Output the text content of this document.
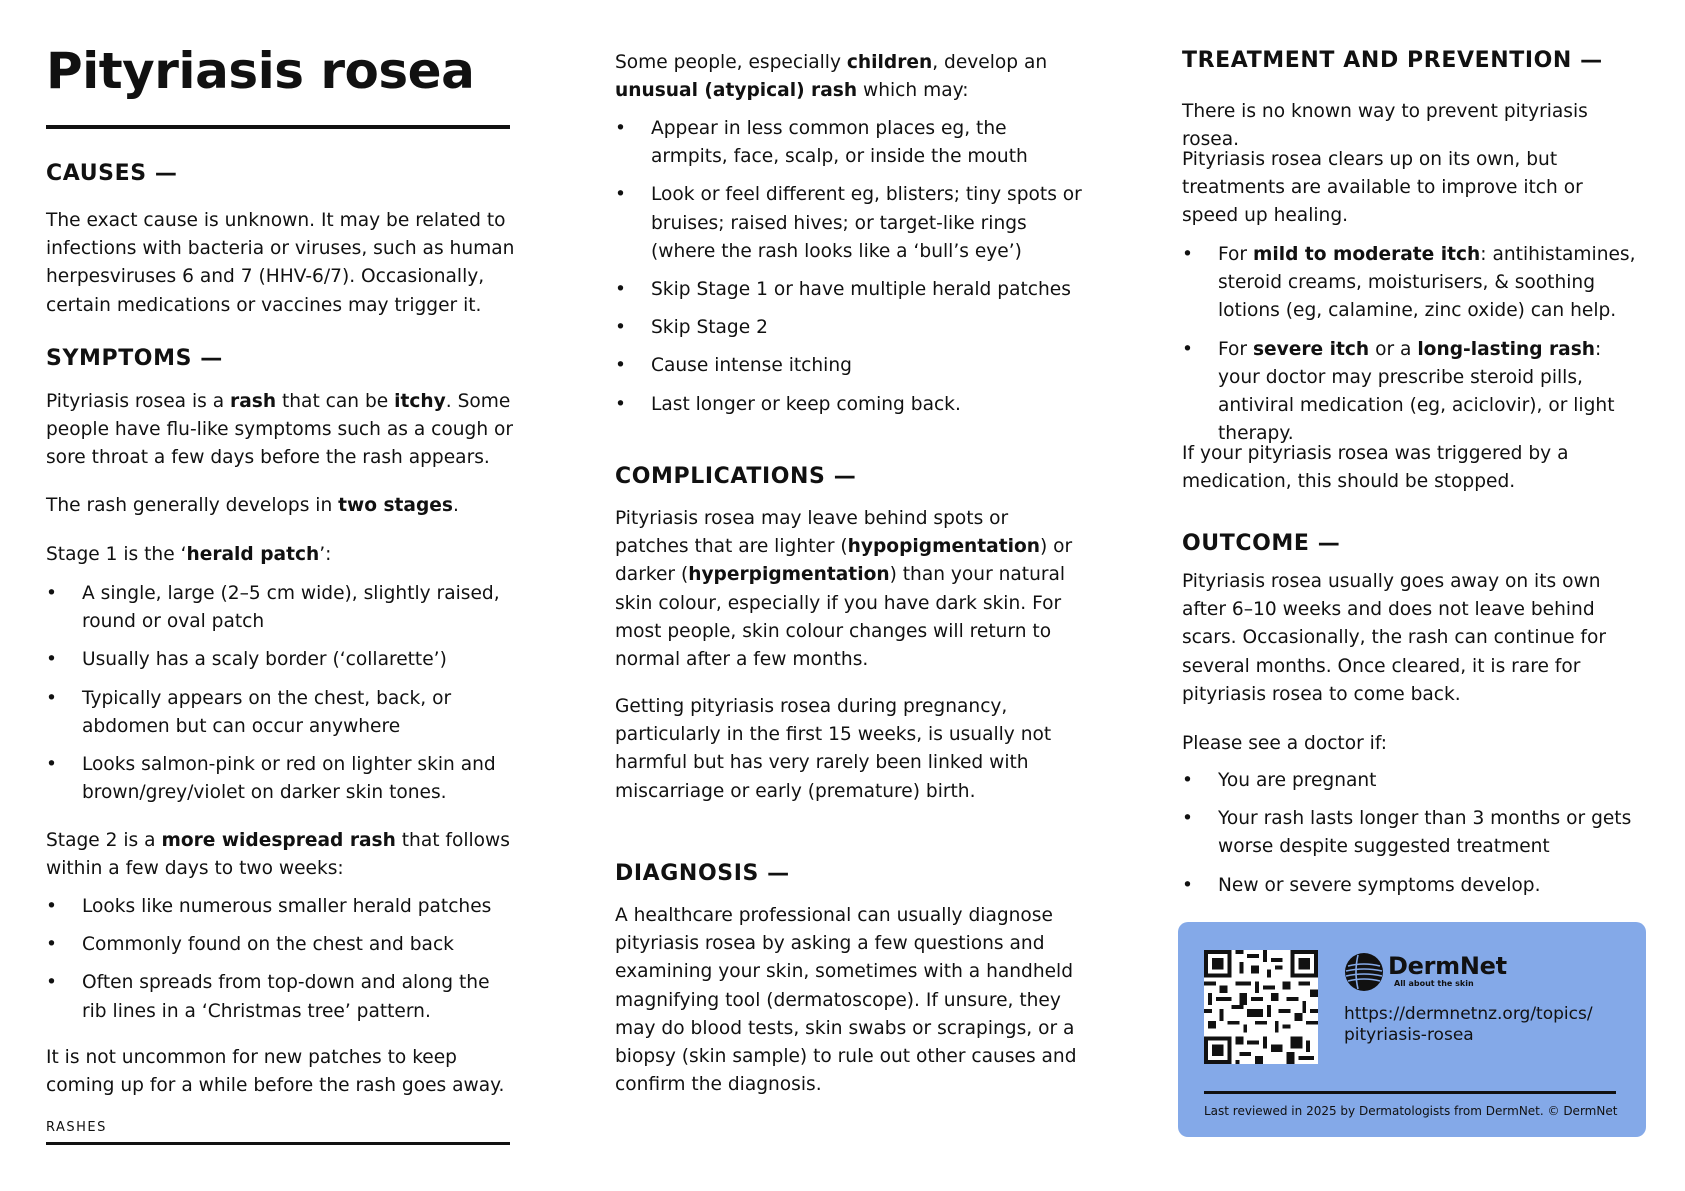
Pityriasis rosea
CAUSES —
The exact cause is unknown. It may be related to infections with bacteria or viruses, such as human herpesviruses 6 and 7 (HHV-6/7). Occasionally, certain medications or vaccines may trigger it.
SYMPTOMS —
Pityriasis rosea is a rash that can be itchy. Some people have flu-like symptoms such as a cough or sore throat a few days before the rash appears.
The rash generally develops in two stages.
Stage 1 is the ‘herald patch’:
• A single, large (2–5 cm wide), slightly raised, round or oval patch
• Usually has a scaly border (‘collarette’)
• Typically appears on the chest, back, or abdomen but can occur anywhere
• Looks salmon-pink or red on lighter skin and brown/grey/violet on darker skin tones.
Stage 2 is a more widespread rash that follows within a few days to two weeks:
• Looks like numerous smaller herald patches
• Commonly found on the chest and back
• Often spreads from top-down and along the rib lines in a ‘Christmas tree’ pattern.
It is not uncommon for new patches to keep coming up for a while before the rash goes away.
RASHES
Some people, especially children, develop an unusual (atypical) rash which may:
• Appear in less common places eg, the armpits, face, scalp, or inside the mouth
• Look or feel different eg, blisters; tiny spots or bruises; raised hives; or target-like rings (where the rash looks like a ‘bull’s eye’)
• Skip Stage 1 or have multiple herald patches
• Skip Stage 2
• Cause intense itching
• Last longer or keep coming back.
COMPLICATIONS —
Pityriasis rosea may leave behind spots or patches that are lighter (hypopigmentation) or darker (hyperpigmentation) than your natural skin colour, especially if you have dark skin. For most people, skin colour changes will return to normal after a few months.
Getting pityriasis rosea during pregnancy, particularly in the first 15 weeks, is usually not harmful but has very rarely been linked with miscarriage or early (premature) birth.
DIAGNOSIS —
A healthcare professional can usually diagnose pityriasis rosea by asking a few questions and examining your skin, sometimes with a handheld magnifying tool (dermatoscope). If unsure, they may do blood tests, skin swabs or scrapings, or a biopsy (skin sample) to rule out other causes and confirm the diagnosis.
TREATMENT AND PREVENTION —
There is no known way to prevent pityriasis rosea.
Pityriasis rosea clears up on its own, but treatments are available to improve itch or speed up healing.
• For mild to moderate itch: antihistamines, steroid creams, moisturisers, & soothing lotions (eg, calamine, zinc oxide) can help.
• For severe itch or a long-lasting rash: your doctor may prescribe steroid pills, antiviral medication (eg, aciclovir), or light therapy.
If your pityriasis rosea was triggered by a medication, this should be stopped.
OUTCOME —
Pityriasis rosea usually goes away on its own after 6–10 weeks and does not leave behind scars. Occasionally, the rash can continue for several months. Once cleared, it is rare for pityriasis rosea to come back.
Please see a doctor if:
• You are pregnant
• Your rash lasts longer than 3 months or gets worse despite suggested treatment
• New or severe symptoms develop.
DermNet
All about the skin
https://dermnetnz.org/topics/ pityriasis-rosea
Last reviewed in 2025 by Dermatologists from DermNet. © DermNet
